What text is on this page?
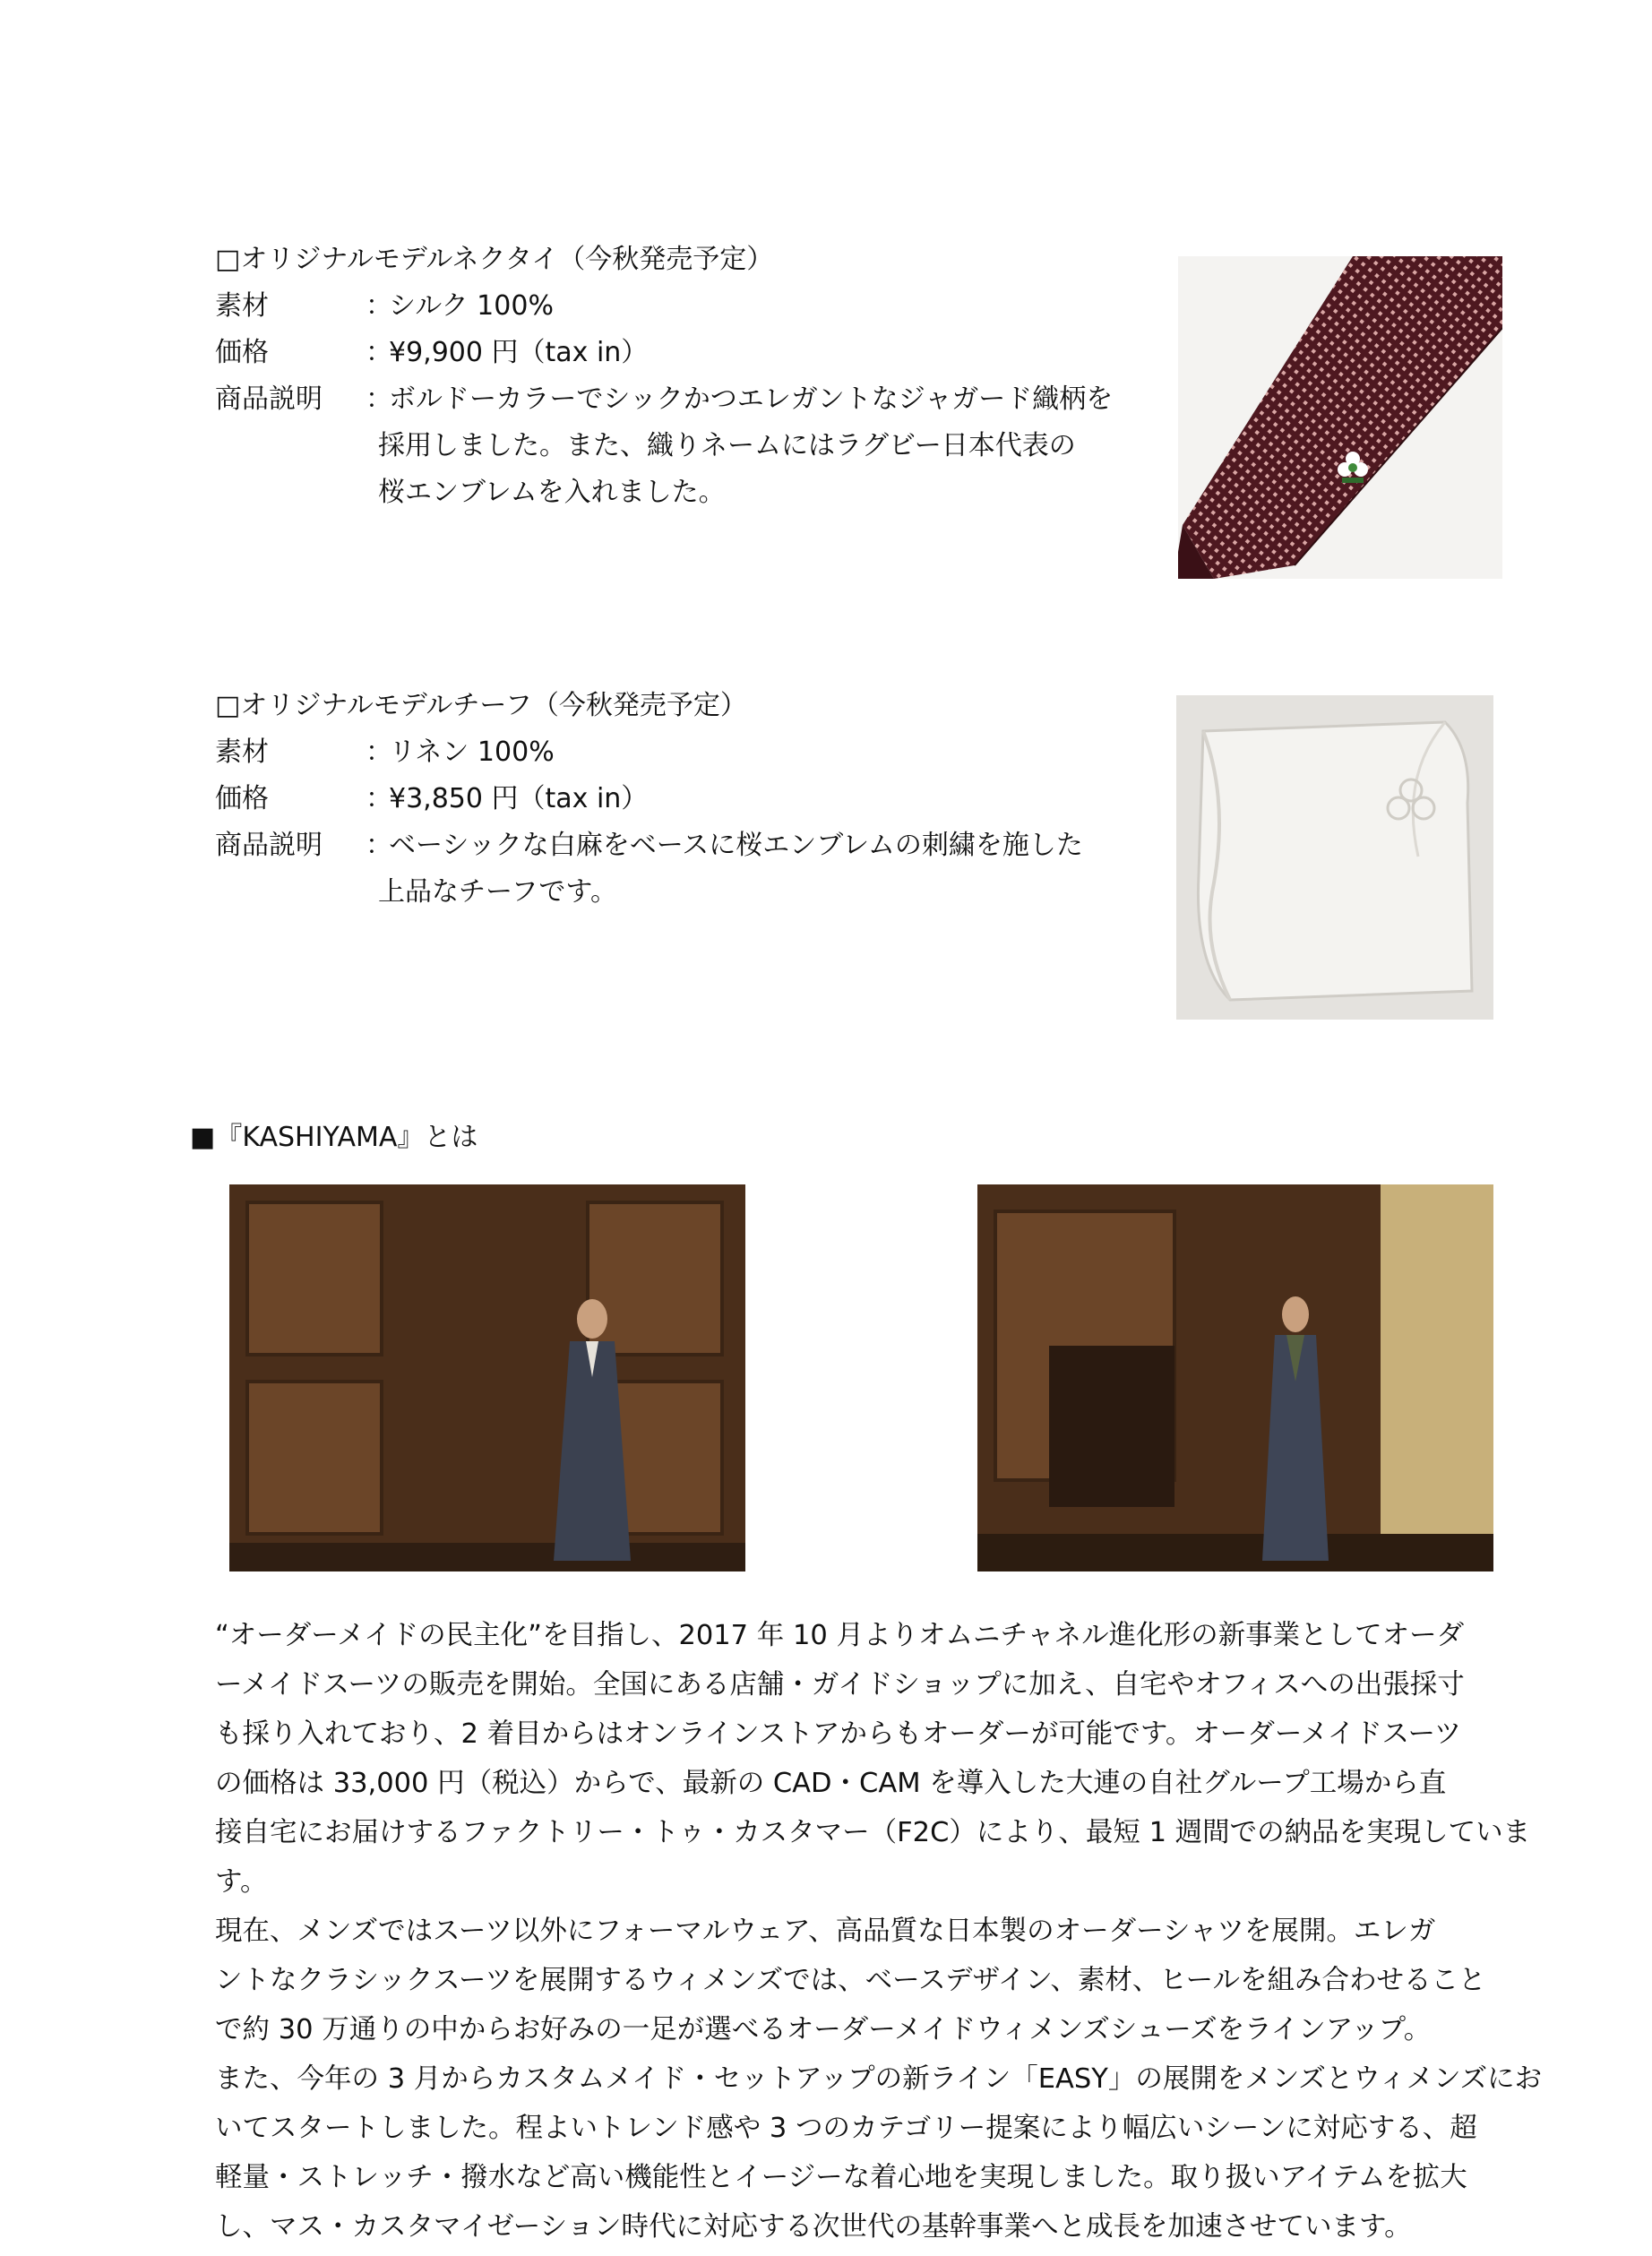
□オリジナルモデルネクタイ（今秋発売予定）
素材	：
シルク 100%
価格	：
¥9,900 円（tax in）
商品説明	：
ボルドーカラーでシックかつエレガントなジャガード織柄を
採用しました。また、織りネームにはラグビー日本代表の
桜エンブレムを入れました。
□オリジナルモデルチーフ（今秋発売予定）
素材	：
リネン 100%
価格	：
¥3,850 円（tax in）
商品説明	：
ベーシックな白麻をベースに桜エンブレムの刺繍を施した
上品なチーフです。
■『KASHIYAMA』とは
“オーダーメイドの民主化”を目指し、2017 年 10 月よりオムニチャネル進化形の新事業としてオーダ
ーメイドスーツの販売を開始。全国にある店舗・ガイドショップに加え、自宅やオフィスへの出張採寸
も採り入れており、2 着目からはオンラインストアからもオーダーが可能です。オーダーメイドスーツ
の価格は 33,000 円（税込）からで、最新の CAD・CAM を導入した大連の自社グループ工場から直
接自宅にお届けするファクトリー・トゥ・カスタマー（F2C）により、最短 1 週間での納品を実現していま
す。
現在、メンズではスーツ以外にフォーマルウェア、高品質な日本製のオーダーシャツを展開。エレガ
ントなクラシックスーツを展開するウィメンズでは、ベースデザイン、素材、ヒールを組み合わせること
で約 30 万通りの中からお好みの一足が選べるオーダーメイドウィメンズシューズをラインアップ。
また、今年の 3 月からカスタムメイド・セットアップの新ライン「EASY」の展開をメンズとウィメンズにお
いてスタートしました。程よいトレンド感や 3 つのカテゴリー提案により幅広いシーンに対応する、超
軽量・ストレッチ・撥水など高い機能性とイージーな着心地を実現しました。取り扱いアイテムを拡大
し、マス・カスタマイゼーション時代に対応する次世代の基幹事業へと成長を加速させています。
